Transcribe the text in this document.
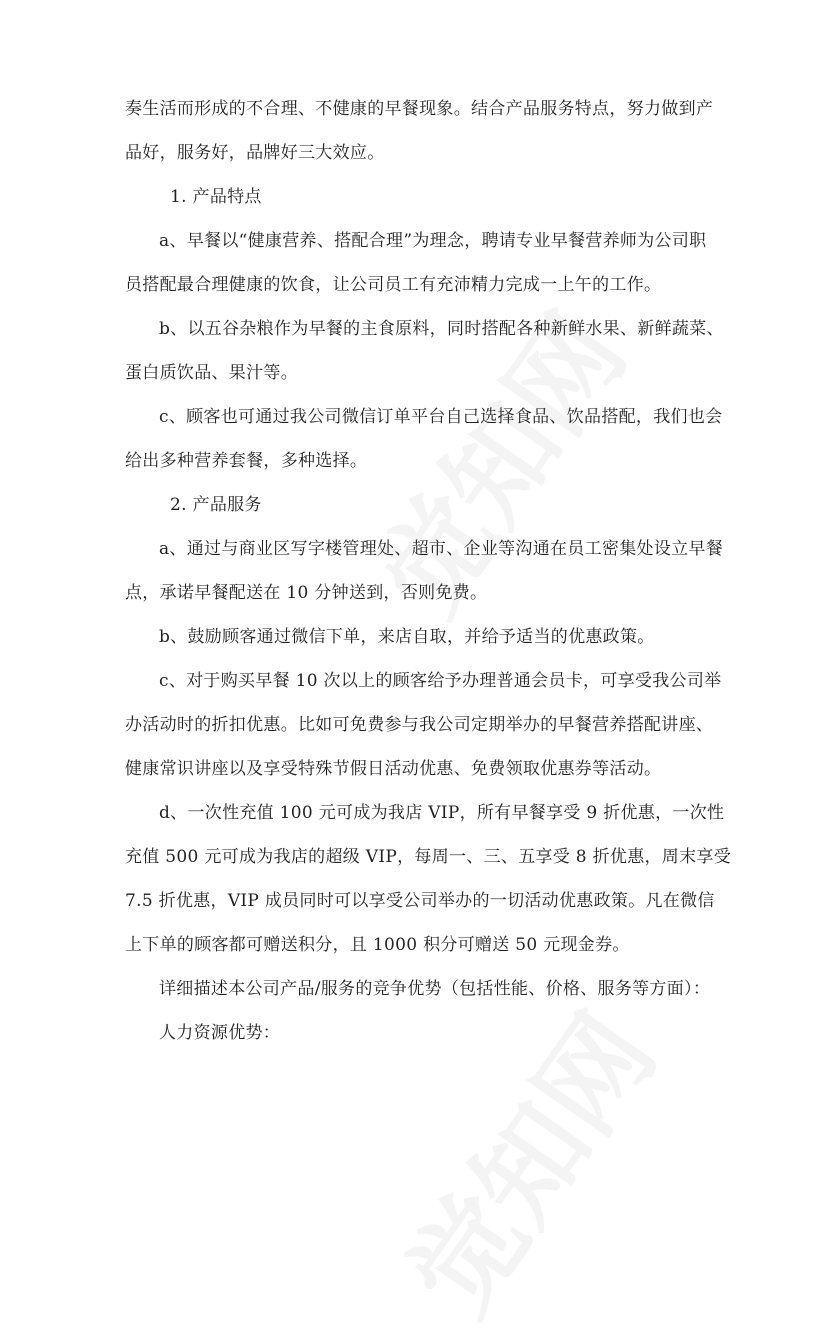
奏生活而形成的不合理、不健康的早餐现象。结合产品服务特点，努力做到产
品好，服务好，品牌好三大效应。
1. 产品特点
a、早餐以“健康营养、搭配合理”为理念，聘请专业早餐营养师为公司职
员搭配最合理健康的饮食，让公司员工有充沛精力完成一上午的工作。
b、以五谷杂粮作为早餐的主食原料，同时搭配各种新鲜水果、新鲜蔬菜、
蛋白质饮品、果汁等。
c、顾客也可通过我公司微信订单平台自己选择食品、饮品搭配，我们也会
给出多种营养套餐，多种选择。
2. 产品服务
a、通过与商业区写字楼管理处、超市、企业等沟通在员工密集处设立早餐
点，承诺早餐配送在 10 分钟送到，否则免费。
b、鼓励顾客通过微信下单，来店自取，并给予适当的优惠政策。
c、对于购买早餐 10 次以上的顾客给予办理普通会员卡，可享受我公司举
办活动时的折扣优惠。比如可免费参与我公司定期举办的早餐营养搭配讲座、
健康常识讲座以及享受特殊节假日活动优惠、免费领取优惠券等活动。
d、一次性充值 100 元可成为我店 VIP，所有早餐享受 9 折优惠，一次性
充值 500 元可成为我店的超级 VIP，每周一、三、五享受 8 折优惠，周末享受
7.5 折优惠，VIP 成员同时可以享受公司举办的一切活动优惠政策。凡在微信
上下单的顾客都可赠送积分，且 1000 积分可赠送 50 元现金券。
详细描述本公司产品/服务的竞争优势（包括性能、价格、服务等方面）：
人力资源优势：
